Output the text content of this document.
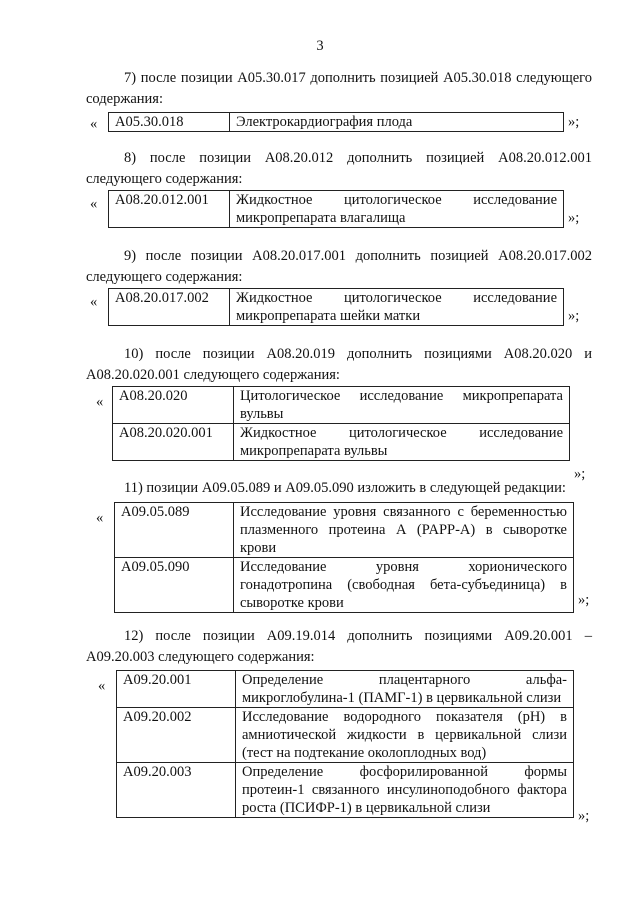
3
7) после позиции А05.30.017 дополнить позицией А05.30.018 следующего содержания:
« А05.30.018	Электрокардиография плода	»;
8) после позиции А08.20.012 дополнить позицией А08.20.012.001 следующего содержания:
« А08.20.012.001	Жидкостное цитологическое исследование микропрепарата влагалища	»;
9) после позиции А08.20.017.001 дополнить позицией А08.20.017.002 следующего содержания:
« А08.20.017.002	Жидкостное цитологическое исследование микропрепарата шейки матки	»;
10) после позиции А08.20.019 дополнить позициями А08.20.020 и А08.20.020.001 следующего содержания:
« А08.20.020	Цитологическое исследование микропрепарата вульвы
А08.20.020.001	Жидкостное цитологическое исследование микропрепарата вульвы
»;
11) позиции А09.05.089 и А09.05.090 изложить в следующей редакции:
« А09.05.089	Исследование уровня связанного с беременностью плазменного протеина А (PAPP-A) в сыворотке крови
А09.05.090	Исследование уровня хорионического гонадотропина (свободная бета-субъединица) в сыворотке крови	»;
12) после позиции А09.19.014 дополнить позициями А09.20.001 – А09.20.003 следующего содержания:
« А09.20.001	Определение плацентарного альфа-микроглобулина-1 (ПАМГ-1) в цервикальной слизи
А09.20.002	Исследование водородного показателя (pH) в амниотической жидкости в цервикальной слизи (тест на подтекание околоплодных вод)
А09.20.003	Определение фосфорилированной формы протеин-1 связанного инсулиноподобного фактора роста (ПСИФР-1) в цервикальной слизи	»;
